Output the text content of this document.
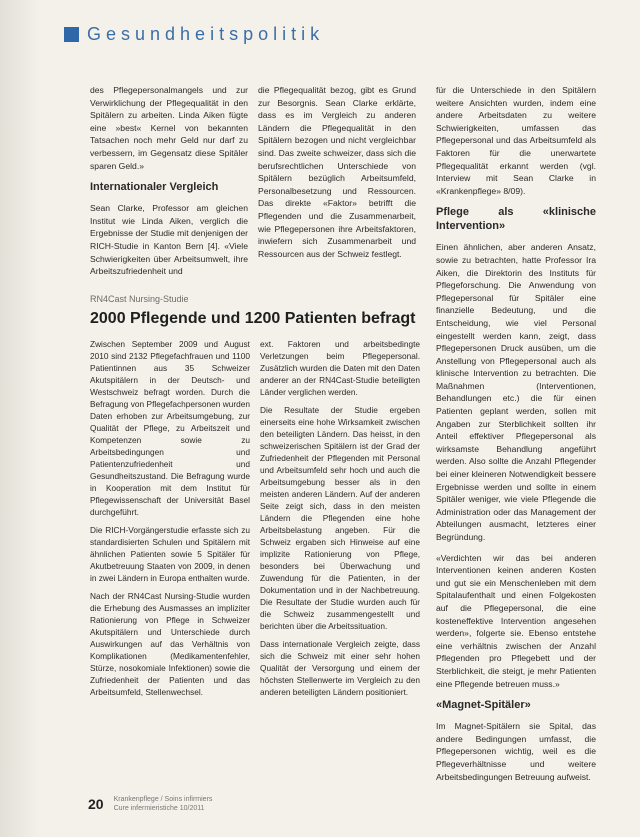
Gesundheitspolitik

des Pflegepersonalmangels und zur Verwirklichung der Pflegequalität in den Spitälern zu arbeiten. Linda Aiken fügte eine »best« Kernel von bekannten Tatsachen noch mehr Geld nur darf zu verbessern, im Gegensatz diese Spitäler sparen Geld.»

Internationaler Vergleich

Sean Clarke, Professor am gleichen Institut wie Linda Aiken, verglich die Ergebnisse der Studie mit denjenigen der RICH-Studie in Kanton Bern [4]. «Viele Schwierigkeiten über Arbeitsumwelt, ihre Arbeitszufriedenheit und

die Pflegequalität bezog, gibt es Grund zur Besorgnis. Sean Clarke erklärte, dass es im Vergleich zu anderen Ländern die Pflegequalität in den Spitälern bezogen und nicht vergleichbar sind. Das zweite schweizer, dass sich die berufsrechtlichen Unterschiede von Spitälern bezüglich Arbeitsumfeld, Personalbesetzung und Ressourcen. Das direkte «Faktor» betrifft die Pflegenden und die Zusammenarbeit, wie Pflegepersonen ihre Arbeitsfaktoren, inwiefern sich Zusammenarbeit und Ressourcen aus der Schweiz festlegt.

für die Unterschiede in den Spitälern weitere Ansichten wurden, indem eine andere Arbeitsdaten zu weitere Schwierigkeiten, umfassen das Pflegepersonal und das Arbeitsumfeld als Faktoren für die unerwartete Pflegequalität erkannt werden (vgl. Interview mit Sean Clarke in «Krankenpflege» 8/09).

Pflege als «klinische Intervention»

Einen ähnlichen, aber anderen Ansatz, sowie zu betrachten, hatte Professor Ira Aiken, die Direktorin des Instituts für Pflegeforschung. Die Anwendung von Pflegepersonal für Spitäler eine finanzielle Bedeutung, und die Entscheidung, wie viel Personal eingestellt werden kann, zeigt, dass Pflegepersonen Druck ausüben, um die Anstellung von Pflegepersonal auch als klinische Intervention zu betrachten. Die Maßnahmen (Interventionen, Behandlungen etc.) die für einen Patienten geplant werden, sollen mit Angaben zur Sterblichkeit sollten ihr Anteil effektiver Pflegepersonal als wirksamste Behandlung angeführt werden. Also sollte die Anzahl Pflegender bei einer kleineren Notwendigkeit bessere Ergebnisse werden und sollte in einem Spitäler weniger, wie viele Pflegende die Administration oder das Management der Abteilungen ausmacht, letzteres einer Begründung.

«Verdichten wir das bei anderen Interventionen keinen anderen Kosten und gut sie ein Menschenleben mit dem Spitalaufenthalt und einen Folgekosten auf die Pflegepersonal, die eine kosteneffektive Intervention angesehen werden», folgerte sie. Ebenso entstehe eine verhältnis zwischen der Anzahl Pflegenden pro Pflegebett und der Sterblichkeit, die steigt, je mehr Patienten eine Pflegende betreuen muss.»

«Magnet-Spitäler»

Im Magnet-Spitälern sie Spital, das andere Bedingungen umfasst, die Pflegepersonen wichtig, weil es die Pflegeverhältnisse und weitere Arbeitsbedingungen Betreuung aufweist.

RN4Cast Nursing-Studie
2000 Pflegende und 1200 Patienten befragt

Zwischen September 2009 und August 2010 sind 2132 Pflegefachfrauen und 1100 Patientinnen aus 35 Schweizer Akutspitälern in der Deutsch- und Westschweiz befragt worden. Durch die Befragung von Pflegefachpersonen wurden Daten erhoben zur Arbeitsumgebung, zur Qualität der Pflege, zu Arbeitszeit und Kompetenzen sowie zu Arbeitsbedingungen und Patientenzufriedenheit und Gesundheitszustand. Die Befragung wurde in Kooperation mit dem Institut für Pflegewissenschaft der Universität Basel durchgeführt.

Die RICH-Vorgängerstudie erfasste sich zu standardisierten Schulen und Spitälern mit ähnlichen Patienten sowie 5 Spitäler für Akutbetreuung Staaten von 2009, in denen in zwei Ländern in Europa enthalten wurde.

Nach der RN4Cast Nursing-Studie wurden die Erhebung des Ausmasses an impliziter Rationierung von Pflege in Schweizer Akutspitälern und Unterschiede durch Auswirkungen auf das Verhältnis von Komplikationen (Medikamentenfehler, Stürze, nosokomiale Infektionen) sowie die Zufriedenheit der Patienten und das Arbeitsumfeld, Stellenwechsel.

ext. Faktoren und arbeitsbedingte Verletzungen beim Pflegepersonal. Zusätzlich wurden die Daten mit den Daten anderer an der RN4Cast-Studie beteiligten Länder verglichen werden.

Die Resultate der Studie ergeben einerseits eine hohe Wirksamkeit zwischen den beteiligten Ländern. Das heisst, in den schweizerischen Spitälern ist der Grad der Zufriedenheit der Pflegenden mit Personal und Arbeitsumfeld sehr hoch und auch die Arbeitsumgebung besser als in den meisten anderen Ländern. Auf der anderen Seite zeigt sich, dass in den meisten Ländern die Pflegenden eine hohe Arbeitsbelastung angeben. Für die Schweiz ergaben sich Hinweise auf eine implizite Rationierung von Pflege, besonders bei Überwachung und Zuwendung für die Patienten, in der Dokumentation und in der Nachbetreuung. Die Resultate der Studie wurden auch für die Schweiz zusammengestellt und berichten über die Arbeitssituation.

Dass internationale Vergleich zeigte, dass sich die Schweiz mit einer sehr hohen Qualität der Versorgung und einem der höchsten Stellenwerte im Vergleich zu den anderen beteiligten Ländern positioniert.

20 Krankenpflege / Soins infirmiers
Cure infermieristiche 10/2011
